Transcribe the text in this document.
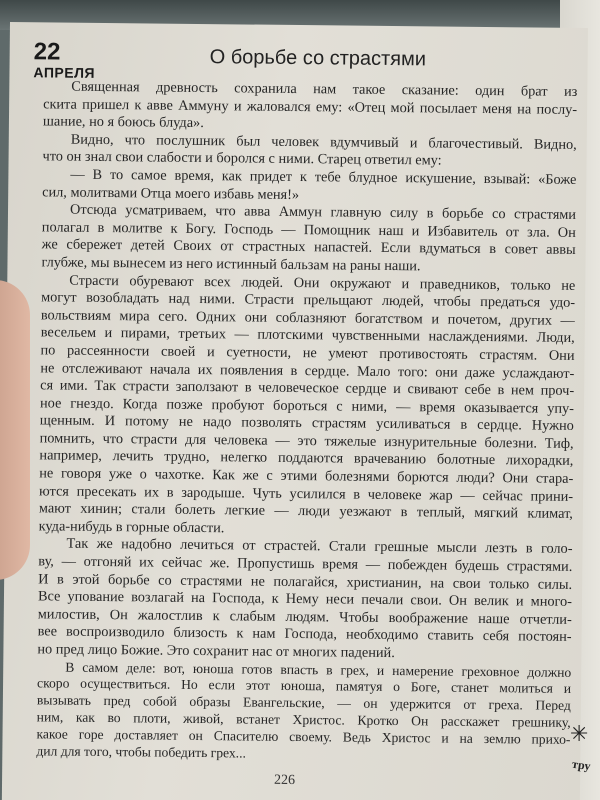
22
АПРЕЛЯ
О борьбе со страстями
Священная древность сохранила нам такое сказание: один брат из
скита пришел к авве Аммуну и жаловался ему: «Отец мой посылает меня на послу-
шание, но я боюсь блуда».
Видно, что послушник был человек вдумчивый и благочестивый. Видно,
что он знал свои слабости и боролся с ними. Старец ответил ему:
— В то самое время, как придет к тебе блудное искушение, взывай: «Боже
сил, молитвами Отца моего избавь меня!»
Отсюда усматриваем, что авва Аммун главную силу в борьбе со страстями
полагал в молитве к Богу. Господь — Помощник наш и Избавитель от зла. Он
же сбережет детей Своих от страстных напастей. Если вдуматься в совет аввы
глубже, мы вынесем из него истинный бальзам на раны наши.
Страсти обуревают всех людей. Они окружают и праведников, только не
могут возобладать над ними. Страсти прельщают людей, чтобы предаться удо-
вольствиям мира сего. Одних они соблазняют богатством и почетом, других —
весельем и пирами, третьих — плотскими чувственными наслаждениями. Люди,
по рассеянности своей и суетности, не умеют противостоять страстям. Они
не отслеживают начала их появления в сердце. Мало того: они даже услаждают-
ся ими. Так страсти заползают в человеческое сердце и свивают себе в нем проч-
ное гнездо. Когда позже пробуют бороться с ними, — время оказывается упу-
щенным. И потому не надо позволять страстям усиливаться в сердце. Нужно
помнить, что страсти для человека — это тяжелые изнурительные болезни. Тиф,
например, лечить трудно, нелегко поддаются врачеванию болотные лихорадки,
не говоря уже о чахотке. Как же с этими болезнями борются люди? Они стара-
ются пресекать их в зародыше. Чуть усилился в человеке жар — сейчас прини-
мают хинин; стали болеть легкие — люди уезжают в теплый, мягкий климат,
куда-нибудь в горные области.
Так же надобно лечиться от страстей. Стали грешные мысли лезть в голо-
ву, — отгоняй их сейчас же. Пропустишь время — побежден будешь страстями.
И в этой борьбе со страстями не полагайся, христианин, на свои только силы.
Все упование возлагай на Господа, к Нему неси печали свои. Он велик и много-
милостив, Он жалостлив к слабым людям. Чтобы воображение наше отчетли-
вее воспроизводило близость к нам Господа, необходимо ставить себя постоян-
но пред лицо Божие. Это сохранит нас от многих падений.
В самом деле: вот, юноша готов впасть в грех, и намерение греховное должно
скоро осуществиться. Но если этот юноша, памятуя о Боге, станет молиться и
вызывать пред собой образы Евангельские, — он удержится от греха. Перед
ним, как во плоти, живой, встанет Христос. Кротко Он расскажет грешнику,
какое горе доставляет он Спасителю своему. Ведь Христос и на землю прихо-
дил для того, чтобы победить грех...
226
✳
тру
